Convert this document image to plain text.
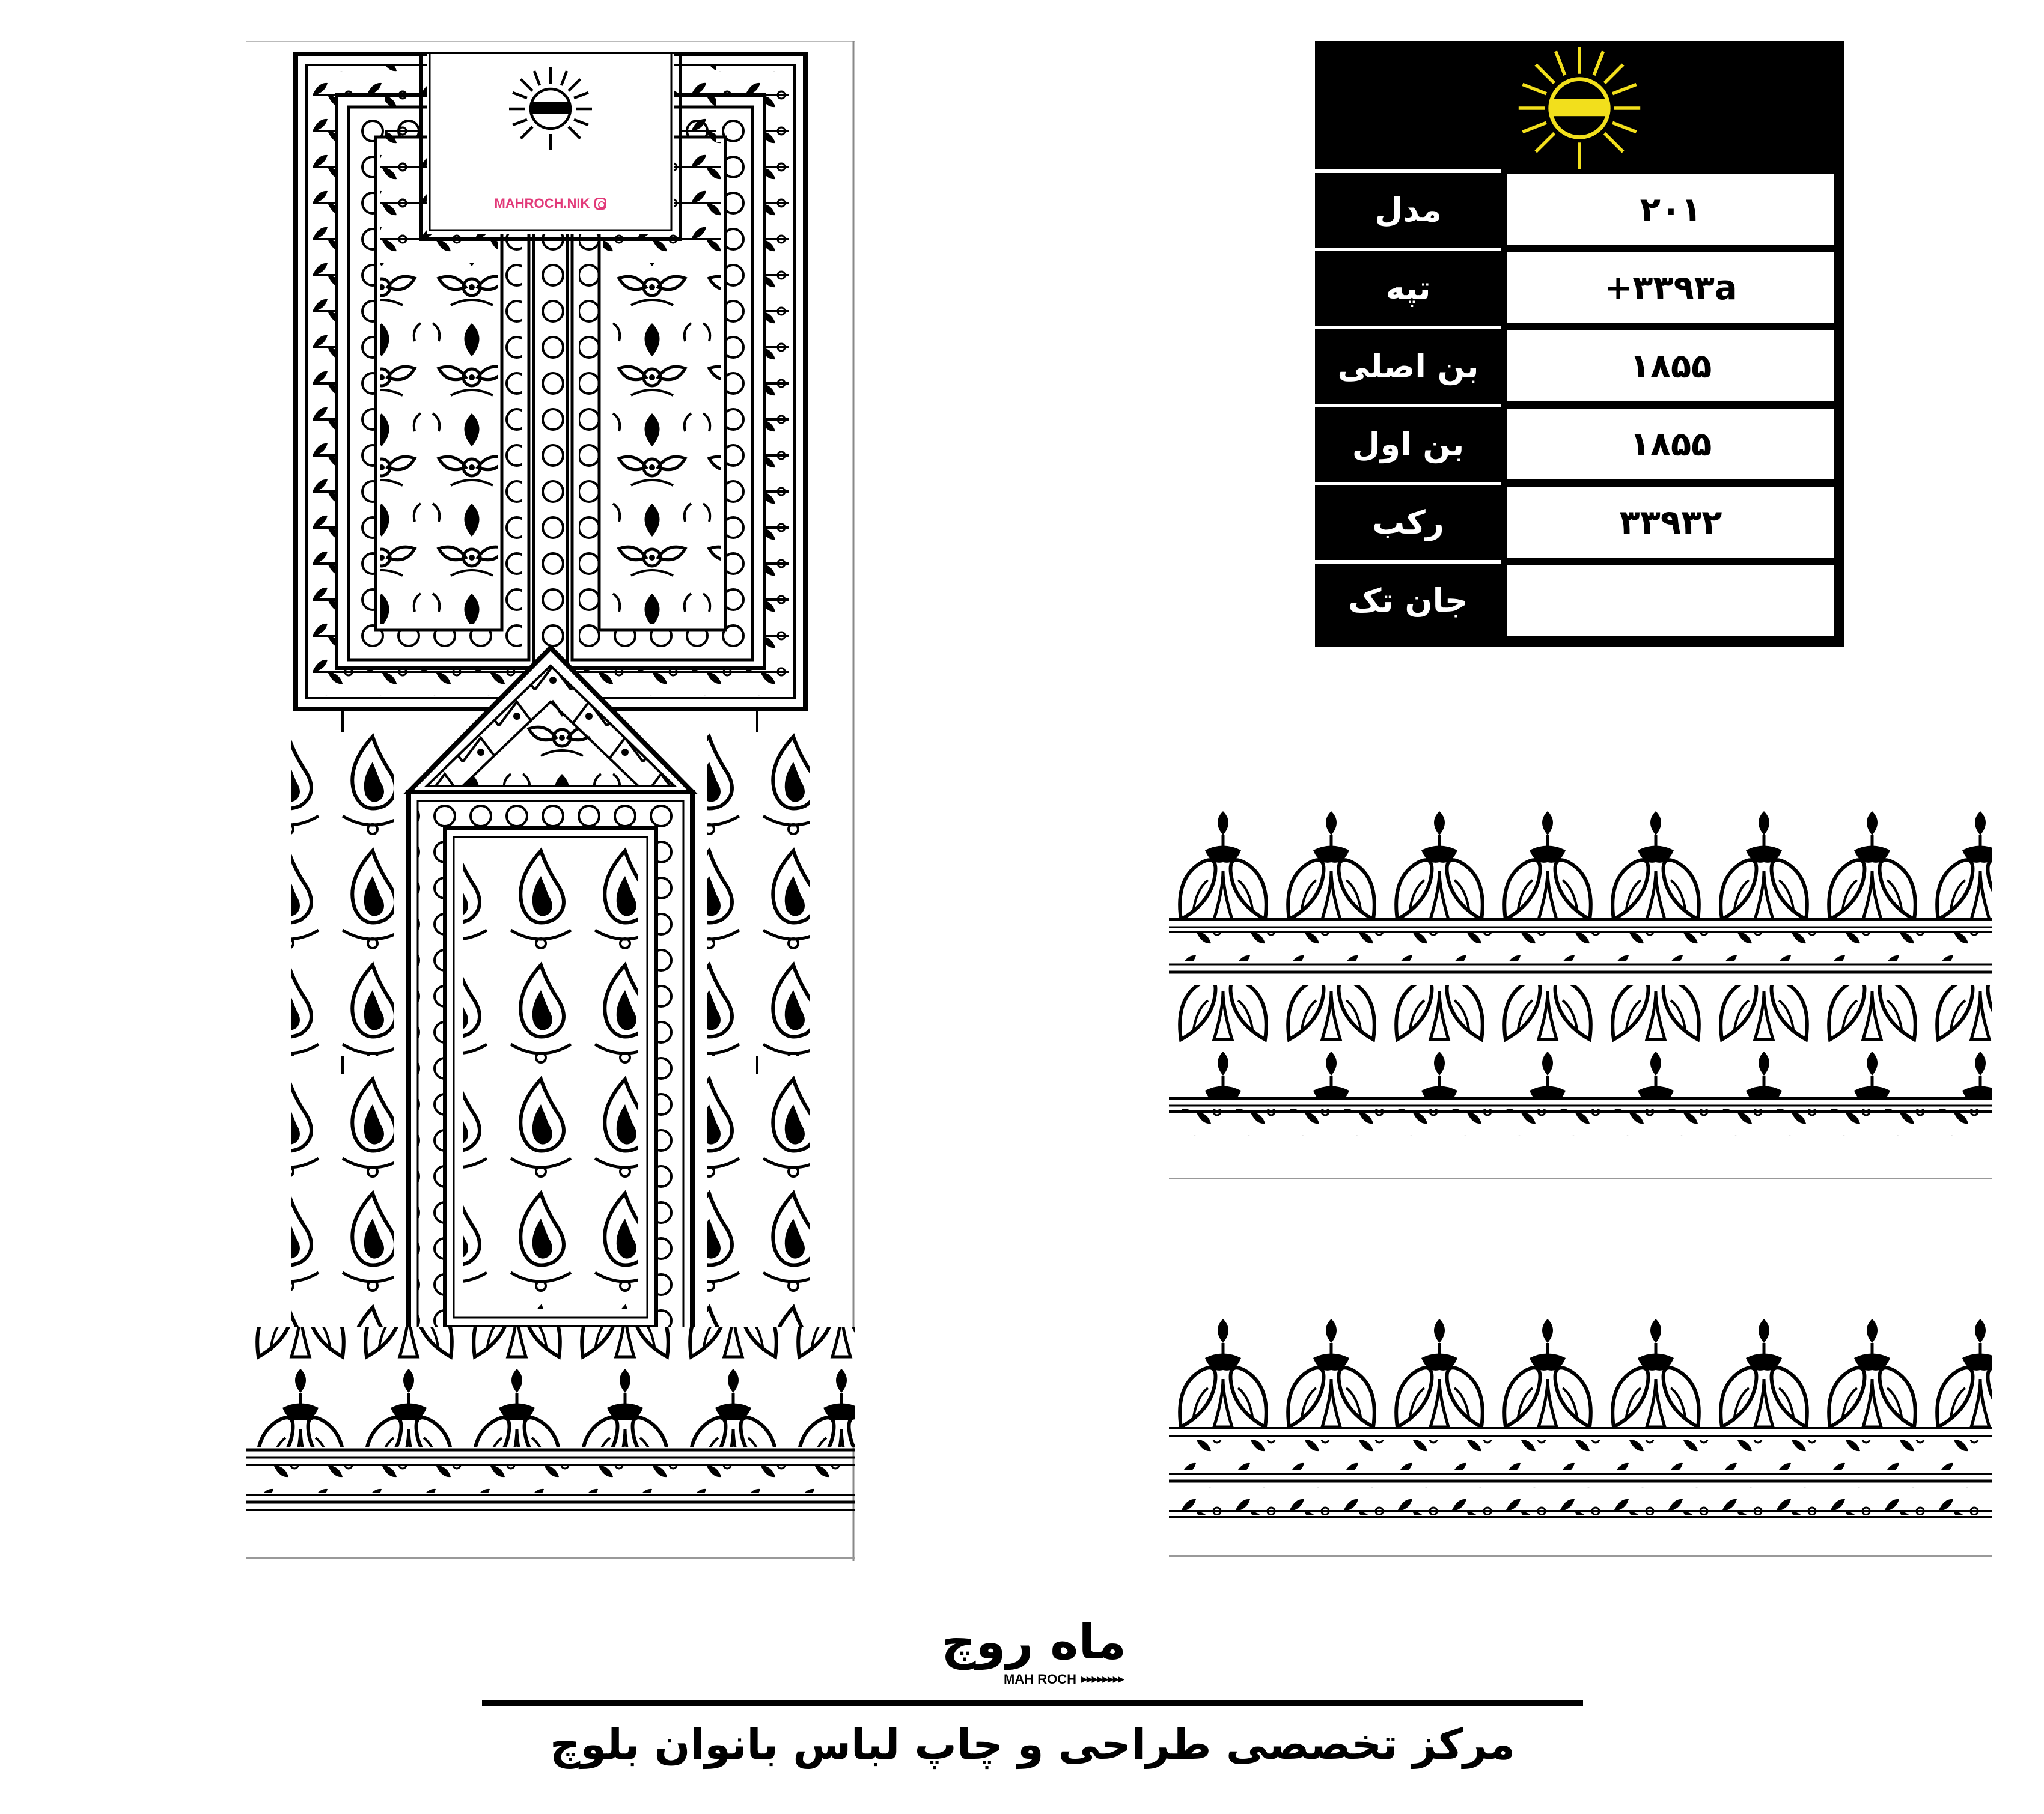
MAHROCH.NIK	مدل	۲۰۱
تپه	+۳۳۹۳a
بن اصلی	۱۸۵۵
بن اول	۱۸۵۵
رکب	۳۳۹۳۲
جان تک
ماه روچ
MAH ROCH ▶▶▶▶▶▶▶▶
مرکز تخصصی طراحی و چاپ لباس بانوان بلوچ
